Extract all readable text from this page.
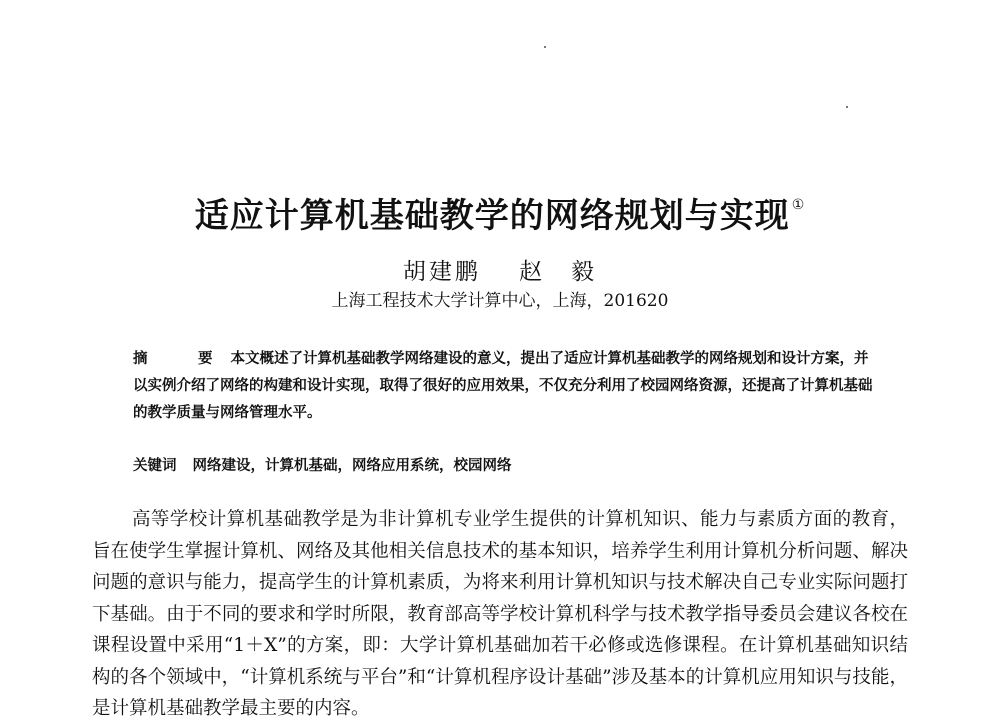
适应计算机基础教学的网络规划与实现 ①
胡建鹏 赵　毅
上海工程技术大学计算中心，上海，201620
摘　要本文概述了计算机基础教学网络建设的意义，提出了适应计算机基础教学的网络规划和设计方案，并以实例介绍了网络的构建和设计实现，取得了很好的应用效果，不仅充分利用了校园网络资源，还提高了计算机基础的教学质量与网络管理水平。
关键词 网络建设，计算机基础，网络应用系统，校园网络
高等学校计算机基础教学是为非计算机专业学生提供的计算机知识、能力与素质方面的教育，旨在使学生掌握计算机、网络及其他相关信息技术的基本知识，培养学生利用计算机分析问题、解决问题的意识与能力，提高学生的计算机素质，为将来利用计算机知识与技术解决自己专业实际问题打下基础。由于不同的要求和学时所限，教育部高等学校计算机科学与技术教学指导委员会建议各校在课程设置中采用“1＋X”的方案，即：大学计算机基础加若干必修或选修课程。在计算机基础知识结构的各个领域中，“计算机系统与平台”和“计算机程序设计基础”涉及基本的计算机应用知识与技能，是计算机基础教学最主要的内容。
